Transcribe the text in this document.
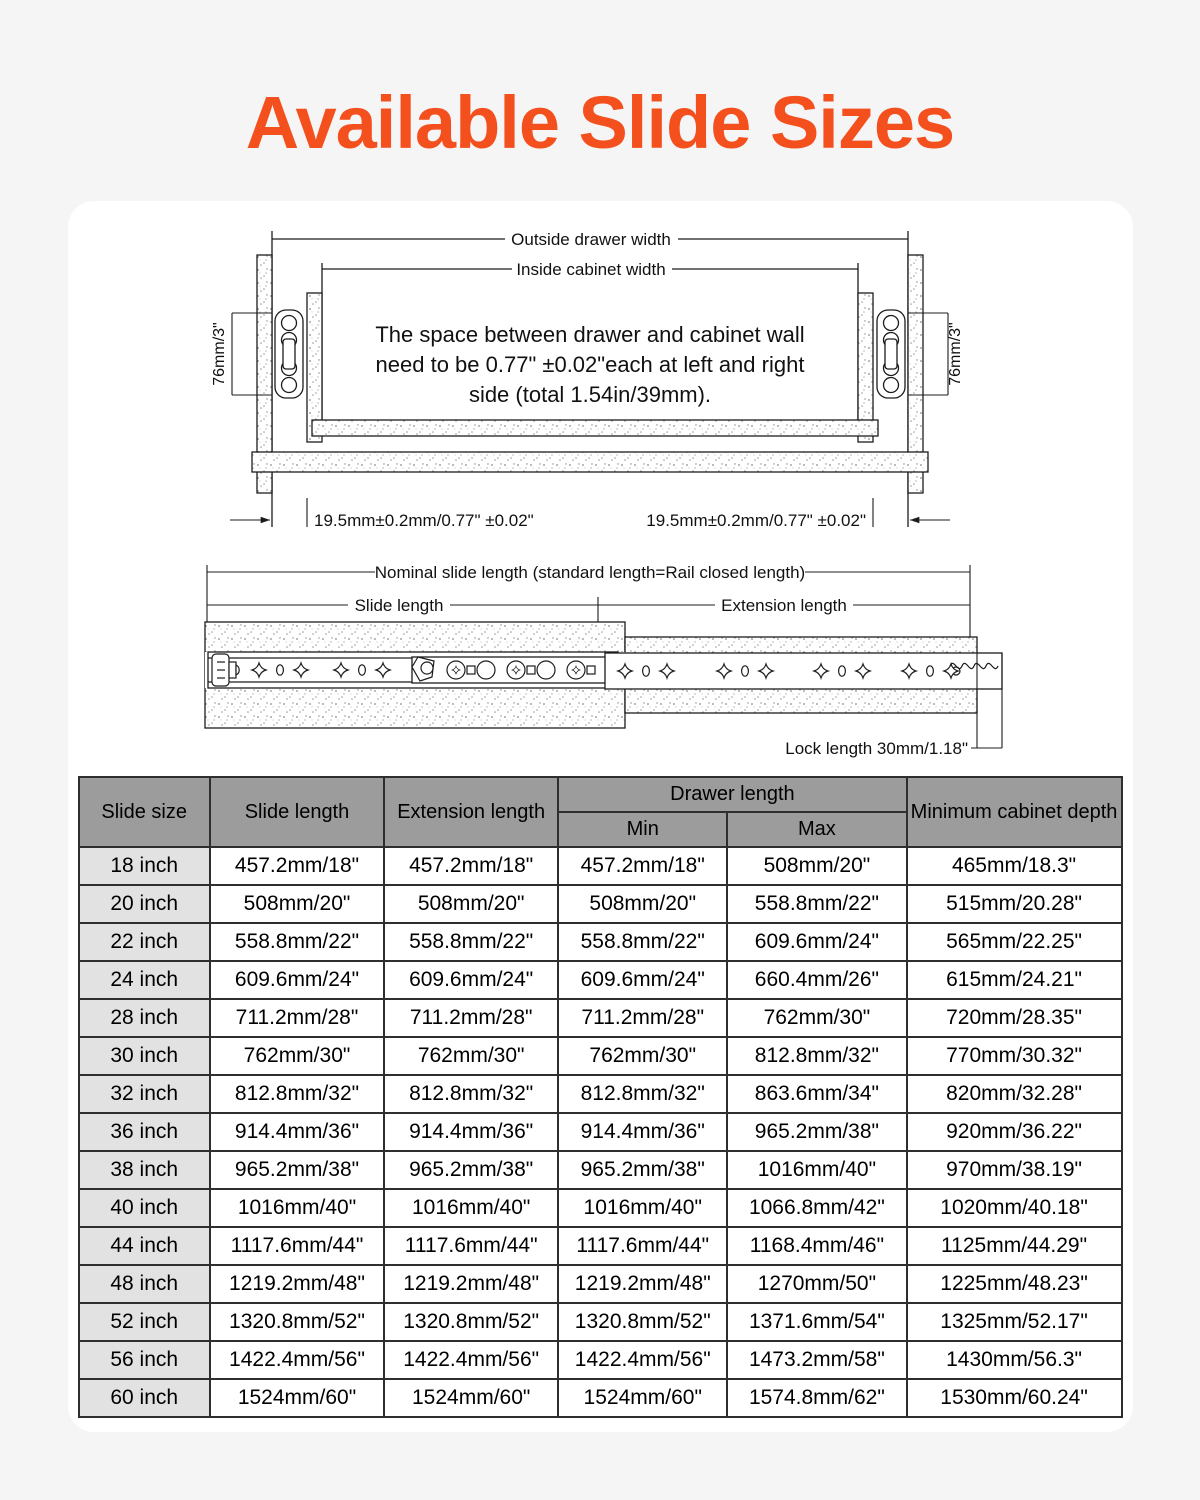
Available Slide Sizes
Outside drawer width
Inside cabinet width
The space between drawer and cabinet wall
need to be 0.77" ±0.02"each at left and right
side (total 1.54in/39mm).
76mm/3"	76mm/3"
19.5mm±0.2mm/0.77" ±0.02"	19.5mm±0.2mm/0.77" ±0.02"
Nominal slide length (standard length=Rail closed length)
Slide length	Extension length
Lock length 30mm/1.18"
Slide size	Slide length	Extension length	Drawer length		Minimum cabinet depth
			Min	Max	
18 inch	457.2mm/18"	457.2mm/18"	457.2mm/18"	508mm/20"	465mm/18.3"
20 inch	508mm/20"	508mm/20"	508mm/20"	558.8mm/22"	515mm/20.28"
22 inch	558.8mm/22"	558.8mm/22"	558.8mm/22"	609.6mm/24"	565mm/22.25"
24 inch	609.6mm/24"	609.6mm/24"	609.6mm/24"	660.4mm/26"	615mm/24.21"
28 inch	711.2mm/28"	711.2mm/28"	711.2mm/28"	762mm/30"	720mm/28.35"
30 inch	762mm/30"	762mm/30"	762mm/30"	812.8mm/32"	770mm/30.32"
32 inch	812.8mm/32"	812.8mm/32"	812.8mm/32"	863.6mm/34"	820mm/32.28"
36 inch	914.4mm/36"	914.4mm/36"	914.4mm/36"	965.2mm/38"	920mm/36.22"
38 inch	965.2mm/38"	965.2mm/38"	965.2mm/38"	1016mm/40"	970mm/38.19"
40 inch	1016mm/40"	1016mm/40"	1016mm/40"	1066.8mm/42"	1020mm/40.18"
44 inch	1117.6mm/44"	1117.6mm/44"	1117.6mm/44"	1168.4mm/46"	1125mm/44.29"
48 inch	1219.2mm/48"	1219.2mm/48"	1219.2mm/48"	1270mm/50"	1225mm/48.23"
52 inch	1320.8mm/52"	1320.8mm/52"	1320.8mm/52"	1371.6mm/54"	1325mm/52.17"
56 inch	1422.4mm/56"	1422.4mm/56"	1422.4mm/56"	1473.2mm/58"	1430mm/56.3"
60 inch	1524mm/60"	1524mm/60"	1524mm/60"	1574.8mm/62"	1530mm/60.24"
